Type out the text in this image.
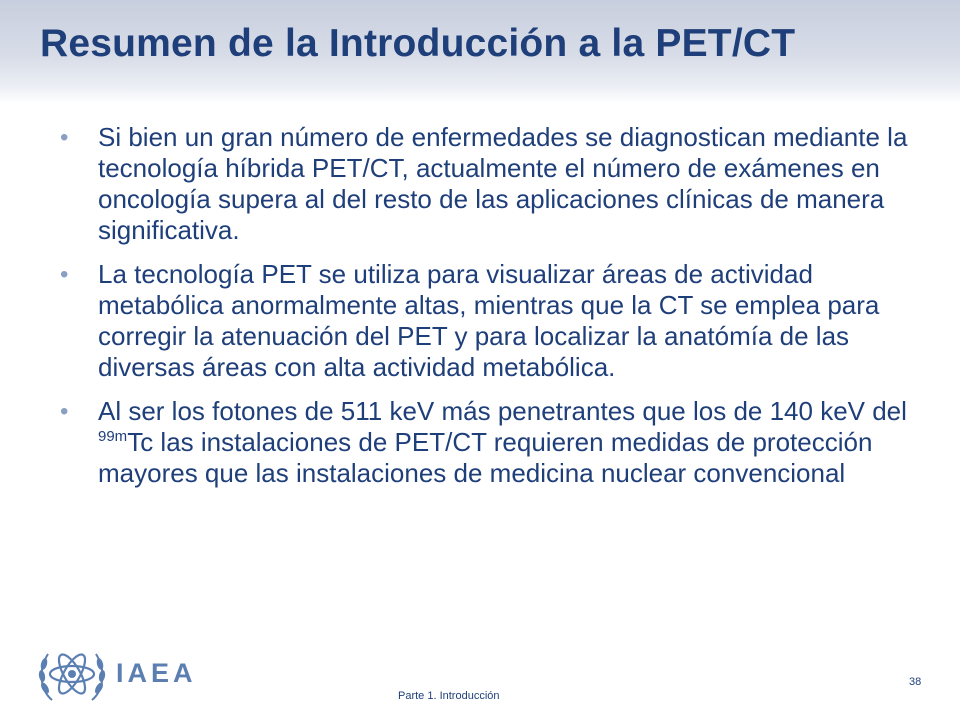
Resumen de la Introducción a la PET/CT
• Si bien un gran número de enfermedades se diagnostican mediante la tecnología híbrida PET/CT, actualmente el número de exámenes en oncología supera al del resto de las aplicaciones clínicas de manera significativa.
• La tecnología PET se utiliza para visualizar áreas de actividad metabólica anormalmente altas, mientras que la CT se emplea para corregir la atenuación del PET y para localizar la anatómía de las diversas áreas con alta actividad metabólica.
• Al ser los fotones de 511 keV más penetrantes que los de 140 keV del $^{99m}$Tc las instalaciones de PET/CT requieren medidas de protección mayores que las instalaciones de medicina nuclear convencional
IAEA
Parte 1. Introducción
38
